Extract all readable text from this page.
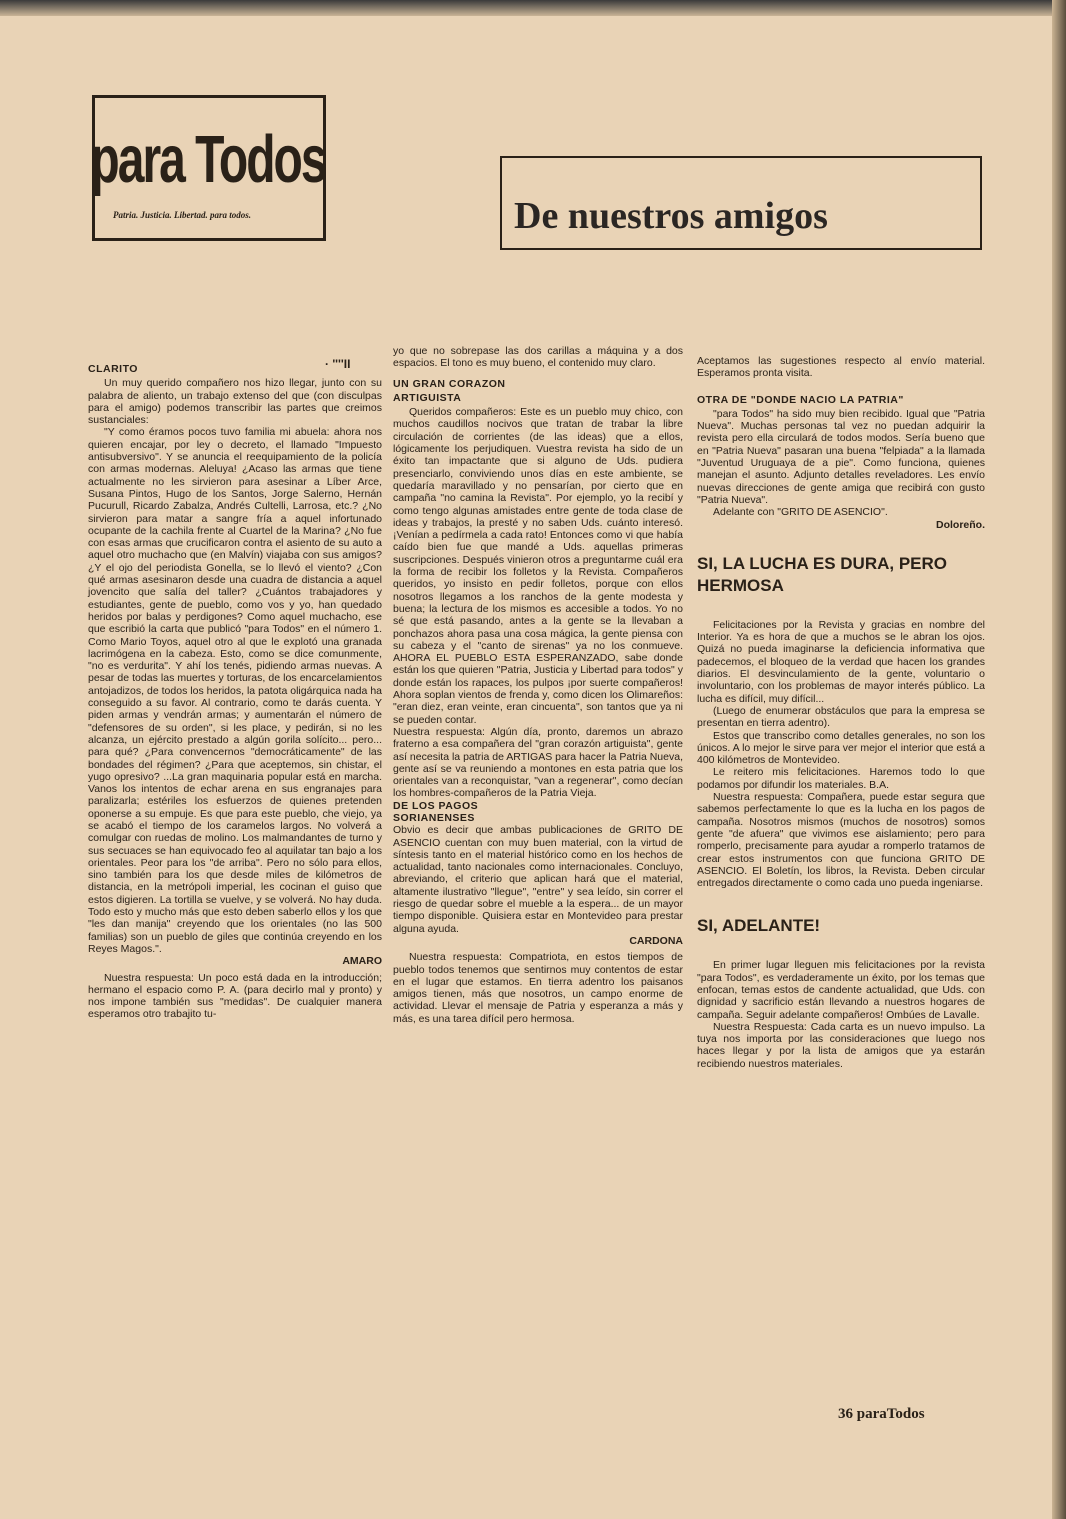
para Todos
Patria. Justicia. Libertad. para todos.	De nuestros amigos
· ''''II
CLARITO

Un muy querido compañero nos hizo llegar, junto con su palabra de aliento, un trabajo extenso del que (con disculpas para el amigo) podemos transcribir las partes que creimos sustanciales:

"Y como éramos pocos tuvo familia mi abuela: ahora nos quieren encajar, por ley o decreto, el llamado "Impuesto antisubversivo". Y se anuncia el reequipamiento de la policía con armas modernas. Aleluya! ¿Acaso las armas que tiene actualmente no les sirvieron para asesinar a Líber Arce, Susana Pintos, Hugo de los Santos, Jorge Salerno, Hernán Pucurull, Ricardo Zabalza, Andrés Cultelli, Larrosa, etc.? ¿No sirvieron para matar a sangre fría a aquel infortunado ocupante de la cachila frente al Cuartel de la Marina? ¿No fue con esas armas que crucificaron contra el asiento de su auto a aquel otro muchacho que (en Malvín) viajaba con sus amigos? ¿Y el ojo del periodista Gonella, se lo llevó el viento? ¿Con qué armas asesinaron desde una cuadra de distancia a aquel jovencito que salía del taller? ¿Cuántos trabajadores y estudiantes, gente de pueblo, como vos y yo, han quedado heridos por balas y perdigones? Como aquel muchacho, ese que escribió la carta que publicó "para Todos" en el número 1. Como Mario Toyos, aquel otro al que le explotó una granada lacrimógena en la cabeza. Esto, como se dice comunmente, "no es verdurita". Y ahí los tenés, pidiendo armas nuevas. A pesar de todas las muertes y torturas, de los encarcelamientos antojadizos, de todos los heridos, la patota oligárquica nada ha conseguido a su favor. Al contrario, como te darás cuenta. Y piden armas y vendrán armas; y aumentarán el número de "defensores de su orden", si les place, y pedirán, si no les alcanza, un ejército prestado a algún gorila solícito... pero... para qué? ¿Para convencernos "democráticamente" de las bondades del régimen? ¿Para que aceptemos, sin chistar, el yugo opresivo? ...La gran maquinaria popular está en marcha. Vanos los intentos de echar arena en sus engranajes para paralizarla; estériles los esfuerzos de quienes pretenden oponerse a su empuje. Es que para este pueblo, che viejo, ya se acabó el tiempo de los caramelos largos. No volverá a comulgar con ruedas de molino. Los malmandantes de turno y sus secuaces se han equivocado feo al aquilatar tan bajo a los orientales. Peor para los "de arriba". Pero no sólo para ellos, sino también para los que desde miles de kilómetros de distancia, en la metrópoli imperial, les cocinan el guiso que estos digieren. La tortilla se vuelve, y se volverá. No hay duda. Todo esto y mucho más que esto deben saberlo ellos y los que "les dan manija" creyendo que los orientales (no las 500 familias) son un pueblo de giles que continúa creyendo en los Reyes Magos.".

AMARO

Nuestra respuesta: Un poco está dada en la introducción; hermano el espacio como P. A. (para decirlo mal y pronto) y nos impone también sus "medidas". De cualquier manera esperamos otro trabajito tu-

yo que no sobrepase las dos carillas a máquina y a dos espacios. El tono es muy bueno, el contenido muy claro.

UN GRAN CORAZON
ARTIGUISTA

Queridos compañeros: Este es un pueblo muy chico, con muchos caudillos nocivos que tratan de trabar la libre circulación de corrientes (de las ideas) que a ellos, lógicamente los perjudiquen. Vuestra revista ha sido de un éxito tan impactante que si alguno de Uds. pudiera presenciarlo, conviviendo unos días en este ambiente, se quedaría maravillado y no pensarían, por cierto que en campaña "no camina la Revista". Por ejemplo, yo la recibí y como tengo algunas amistades entre gente de toda clase de ideas y trabajos, la presté y no saben Uds. cuánto interesó. ¡Venían a pedírmela a cada rato! Entonces como vi que había caído bien fue que mandé a Uds. aquellas primeras suscripciones. Después vinieron otros a preguntarme cuál era la forma de recibir los folletos y la Revista. Compañeros queridos, yo insisto en pedir folletos, porque con ellos nosotros llegamos a los ranchos de la gente modesta y buena; la lectura de los mismos es accesible a todos. Yo no sé que está pasando, antes a la gente se la llevaban a ponchazos ahora pasa una cosa mágica, la gente piensa con su cabeza y el "canto de sirenas" ya no los conmueve. AHORA EL PUEBLO ESTA ESPERANZADO, sabe donde están los que quieren "Patria, Justicia y Libertad para todos" y donde están los rapaces, los pulpos ¡por suerte compañeros! Ahora soplan vientos de frenda y, como dicen los Olimareños: "eran diez, eran veinte, eran cincuenta", son tantos que ya ni se pueden contar.

Nuestra respuesta: Algún día, pronto, daremos un abrazo fraterno a esa compañera del "gran corazón artiguista", gente así necesita la patria de ARTIGAS para hacer la Patria Nueva, gente así se va reuniendo a montones en esta patria que los orientales van a reconquistar, "van a regenerar", como decían los hombres-compañeros de la Patria Vieja.

DE LOS PAGOS
SORIANENSES

Obvio es decir que ambas publicaciones de GRITO DE ASENCIO cuentan con muy buen material, con la virtud de síntesis tanto en el material histórico como en los hechos de actualidad, tanto nacionales como internacionales. Concluyo, abreviando, el criterio que aplican hará que el material, altamente ilustrativo "llegue", "entre" y sea leído, sin correr el riesgo de quedar sobre el mueble a la espera... de un mayor tiempo disponible. Quisiera estar en Montevideo para prestar alguna ayuda.

CARDONA

Nuestra respuesta: Compatriota, en estos tiempos de pueblo todos tenemos que sentirnos muy contentos de estar en el lugar que estamos. En tierra adentro los paisanos amigos tienen, más que nosotros, un campo enorme de actividad. Llevar el mensaje de Patria y esperanza a más y más, es una tarea difícil pero hermosa.

Aceptamos las sugestiones respecto al envío material. Esperamos pronta visita.

OTRA DE "DONDE NACIO LA PATRIA"

"para Todos" ha sido muy bien recibido. Igual que "Patria Nueva". Muchas personas tal vez no puedan adquirir la revista pero ella circulará de todos modos. Sería bueno que en "Patria Nueva" pasaran una buena "felpiada" a la llamada "Juventud Uruguaya de a pie". Como funciona, quienes manejan el asunto. Adjunto detalles reveladores. Les envío nuevas direcciones de gente amiga que recibirá con gusto "Patria Nueva".

Adelante con "GRITO DE ASENCIO".

Doloreño.
SI, LA LUCHA ES DURA, PERO HERMOSA

Felicitaciones por la Revista y gracias en nombre del Interior. Ya es hora de que a muchos se le abran los ojos. Quizá no pueda imaginarse la deficiencia informativa que padecemos, el bloqueo de la verdad que hacen los grandes diarios. El desvinculamiento de la gente, voluntario o involuntario, con los problemas de mayor interés público. La lucha es difícil, muy difícil...

(Luego de enumerar obstáculos que para la empresa se presentan en tierra adentro).

Estos que transcribo como detalles generales, no son los únicos. A lo mejor le sirve para ver mejor el interior que está a 400 kilómetros de Montevideo.

Le reitero mis felicitaciones. Haremos todo lo que podamos por difundir los materiales. B.A.

Nuestra respuesta: Compañera, puede estar segura que sabemos perfectamente lo que es la lucha en los pagos de campaña. Nosotros mismos (muchos de nosotros) somos gente "de afuera" que vivimos ese aislamiento; pero para romperlo, precisamente para ayudar a romperlo tratamos de crear estos instrumentos con que funciona GRITO DE ASENCIO. El Boletín, los libros, la Revista. Deben circular entregados directamente o como cada uno pueda ingeniarse.

SI, ADELANTE!

En primer lugar lleguen mis felicitaciones por la revista "para Todos", es verdaderamente un éxito, por los temas que enfocan, temas estos de candente actualidad, que Uds. con dignidad y sacrificio están llevando a nuestros hogares de campaña. Seguir adelante compañeros! Ombúes de Lavalle.

Nuestra Respuesta: Cada carta es un nuevo impulso. La tuya nos importa por las consideraciones que luego nos haces llegar y por la lista de amigos que ya estarán recibiendo nuestros materiales.

36 paraTodos
